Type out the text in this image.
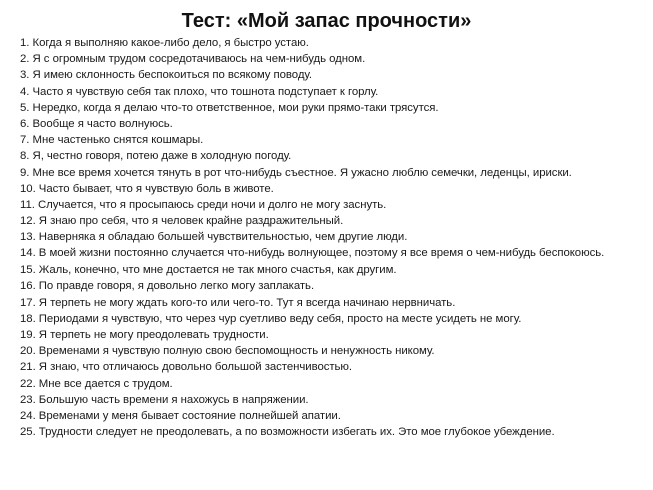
Тест: «Мой запас прочности»
1. Когда я выполняю какое-либо дело, я быстро устаю.
2. Я с огромным трудом сосредотачиваюсь на чем-нибудь одном.
3. Я имею склонность беспокоиться по всякому поводу.
4. Часто я чувствую себя так плохо, что тошнота подступает к горлу.
5. Нередко, когда я делаю что-то ответственное, мои руки прямо-таки трясутся.
6. Вообще я часто волнуюсь.
7. Мне частенько снятся кошмары.
8. Я, честно говоря, потею даже в холодную погоду.
9. Мне все время хочется тянуть в рот что-нибудь съестное. Я ужасно люблю семечки, леденцы, ириски.
10. Часто бывает, что я чувствую боль в животе.
11. Случается, что я просыпаюсь среди ночи и долго не могу заснуть.
12. Я знаю про себя, что я человек крайне раздражительный.
13. Наверняка я обладаю большей чувствительностью, чем другие люди.
14. В моей жизни постоянно случается что-нибудь волнующее, поэтому я все время о чем-нибудь беспокоюсь.
15. Жаль, конечно, что мне достается не так много счастья, как другим.
16. По правде говоря, я довольно легко могу заплакать.
17. Я терпеть не могу ждать кого-то или чего-то. Тут я всегда начинаю нервничать.
18. Периодами я чувствую, что через чур суетливо веду себя, просто на месте усидеть не могу.
19. Я терпеть не могу преодолевать трудности.
20. Временами я чувствую полную свою беспомощность и ненужность никому.
21. Я знаю, что отличаюсь довольно большой застенчивостью.
22. Мне все дается с трудом.
23. Большую часть времени я нахожусь в напряжении.
24. Временами у меня бывает состояние полнейшей апатии.
25. Трудности следует не преодолевать, а по возможности избегать их. Это мое глубокое убеждение.
